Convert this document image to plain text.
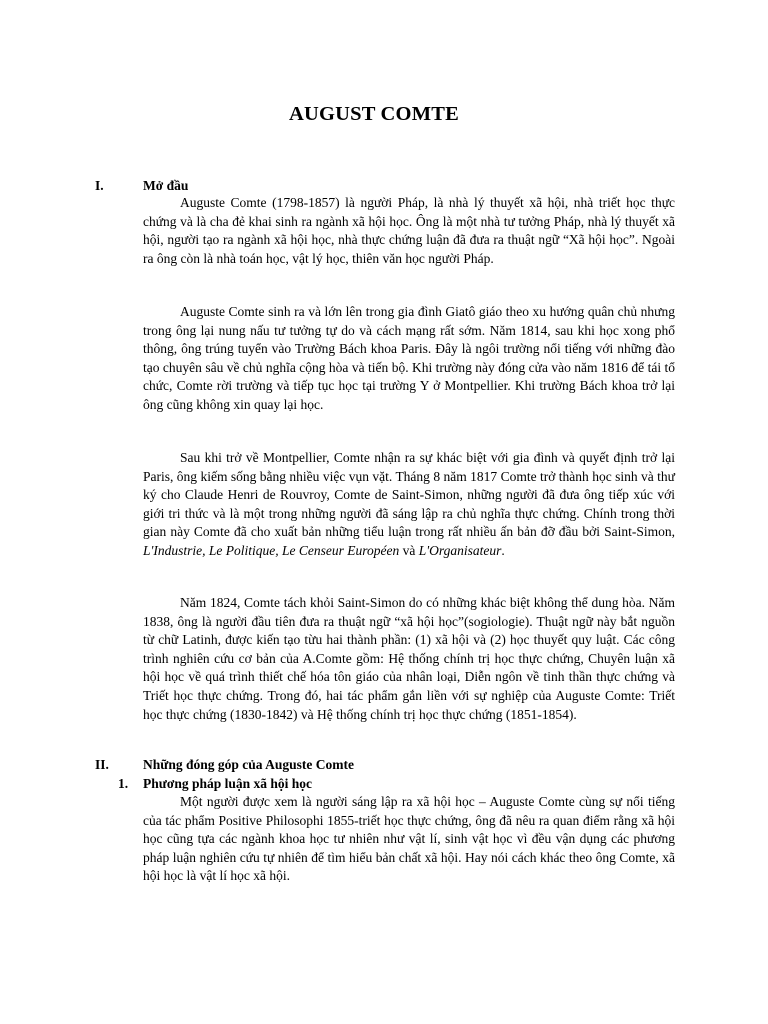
AUGUST COMTE
I.	Mở đầu

Auguste Comte (1798-1857) là người Pháp, là nhà lý thuyết xã hội, nhà triết học thực chứng và là cha đẻ khai sinh ra ngành xã hội học. Ông là một nhà tư tưởng Pháp, nhà lý thuyết xã hội, người tạo ra ngành xã hội học, nhà thực chứng luận đã đưa ra thuật ngữ “Xã hội học”. Ngoài ra ông còn là nhà toán học, vật lý học, thiên văn học người Pháp.

Auguste Comte sinh ra và lớn lên trong gia đình Giatô giáo theo xu hướng quân chủ nhưng trong ông lại nung nấu tư tưởng tự do và cách mạng rất sớm. Năm 1814, sau khi học xong phổ thông, ông trúng tuyển vào Trường Bách khoa Paris. Đây là ngôi trường nổi tiếng với những đào tạo chuyên sâu về chủ nghĩa cộng hòa và tiến bộ. Khi trường này đóng cửa vào năm 1816 để tái tổ chức, Comte rời trường và tiếp tục học tại trường Y ở Montpellier. Khi trường Bách khoa trở lại ông cũng không xin quay lại học.

Sau khi trở về Montpellier, Comte nhận ra sự khác biệt với gia đình và quyết định trở lại Paris, ông kiếm sống bằng nhiều việc vụn vặt. Tháng 8 năm 1817 Comte trở thành học sinh và thư ký cho Claude Henri de Rouvroy, Comte de Saint-Simon, những người đã đưa ông tiếp xúc với giới tri thức và là một trong những người đã sáng lập ra chủ nghĩa thực chứng. Chính trong thời gian này Comte đã cho xuất bản những tiểu luận trong rất nhiều ấn bản đỡ đầu bởi Saint-Simon, L'Industrie, Le Politique, Le Censeur Européen và L'Organisateur.

Năm 1824, Comte tách khỏi Saint-Simon do có những khác biệt không thể dung hòa. Năm 1838, ông là người đầu tiên đưa ra thuật ngữ “xã hội học”(sogiologie). Thuật ngữ này bắt nguồn từ chữ Latinh, được kiến tạo từu hai thành phần: (1) xã hội và (2) học thuyết quy luật. Các công trình nghiên cứu cơ bản của A.Comte gồm: Hệ thống chính trị học thực chứng, Chuyên luận xã hội học về quá trình thiết chế hóa tôn giáo của nhân loại, Diễn ngôn về tinh thần thực chứng và Triết học thực chứng. Trong đó, hai tác phẩm gắn liền với sự nghiệp của Auguste Comte: Triết học thực chứng (1830-1842) và Hệ thống chính trị học thực chứng (1851-1854).

II.	Những đóng góp của Auguste Comte
1. Phương pháp luận xã hội học

Một người được xem là người sáng lập ra xã hội học – Auguste Comte cùng sự nổi tiếng của tác phẩm Positive Philosophi 1855-triết học thực chứng, ông đã nêu ra quan điểm rằng xã hội học cũng tựa các ngành khoa học tư nhiên như vật lí, sinh vật học vì đều vận dụng các phương pháp luận nghiên cứu tự nhiên để tìm hiểu bản chất xã hội. Hay nói cách khác theo ông Comte, xã hội học là vật lí học xã hội.
